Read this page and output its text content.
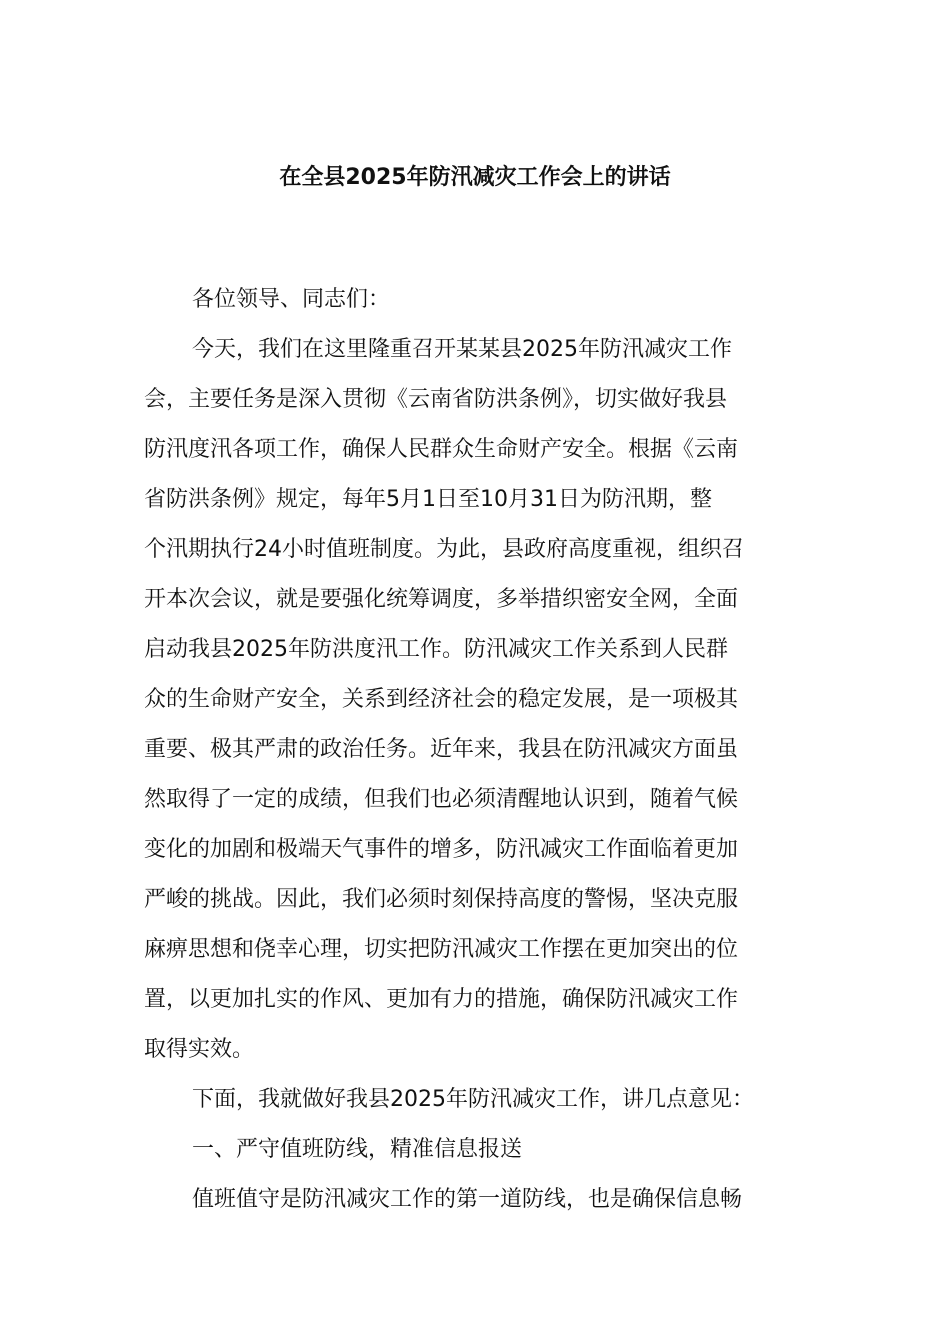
在全县2025年防汛减灾工作会上的讲话
各位领导、同志们：
今天，我们在这里隆重召开某某县2025年防汛减灾工作
会，主要任务是深入贯彻《云南省防洪条例》，切实做好我县
防汛度汛各项工作，确保人民群众生命财产安全。根据《云南
省防洪条例》规定，每年5月1日至10月31日为防汛期，整
个汛期执行24小时值班制度。为此，县政府高度重视，组织召
开本次会议，就是要强化统筹调度，多举措织密安全网，全面
启动我县2025年防洪度汛工作。防汛减灾工作关系到人民群
众的生命财产安全，关系到经济社会的稳定发展，是一项极其
重要、极其严肃的政治任务。近年来，我县在防汛减灾方面虽
然取得了一定的成绩，但我们也必须清醒地认识到，随着气候
变化的加剧和极端天气事件的增多，防汛减灾工作面临着更加
严峻的挑战。因此，我们必须时刻保持高度的警惕，坚决克服
麻痹思想和侥幸心理，切实把防汛减灾工作摆在更加突出的位
置，以更加扎实的作风、更加有力的措施，确保防汛减灾工作
取得实效。
下面，我就做好我县2025年防汛减灾工作，讲几点意见：
一、严守值班防线，精准信息报送
值班值守是防汛减灾工作的第一道防线，也是确保信息畅
